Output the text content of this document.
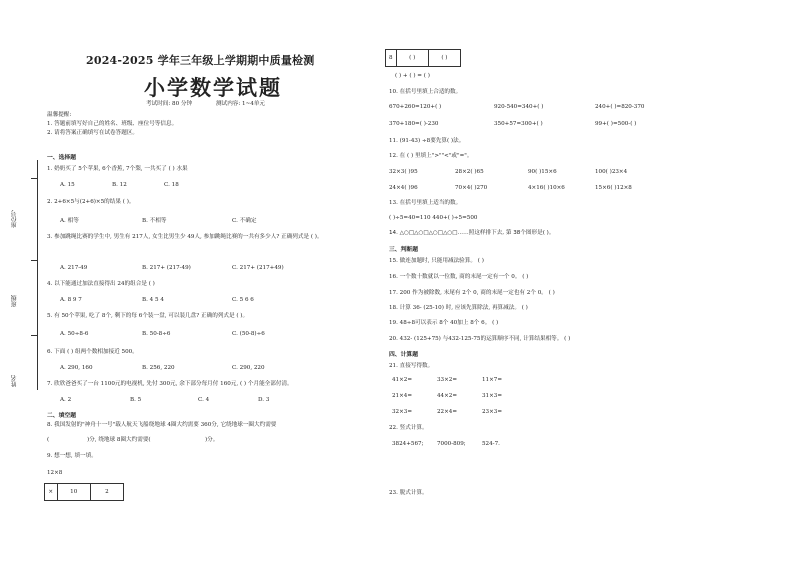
座位号
班级
姓名
2024-2025 学年三年级上学期期中质量检测
小学数学试题
考试时间: 80 分钟	测试内容: 1~4单元
温馨提醒:
1. 答题前填写好自己的姓名、班级、座位号等信息。
2. 请将答案正确填写在试卷答题区。
一、选择题
1. 奶奶买了 5个苹果, 6个香蕉, 7个梨, 一共买了 ( ) 水果
A. 15	B. 12	C. 18
2. 2+6×5与(2+6)×5的结果 ( )。
A. 相等	B. 不相等	C. 不确定
3. 参加跳绳比赛的学生中, 男生有 217人, 女生比男生少 49人, 参加跳绳比赛的一共有多少人? 正确列式是 ( )。
A. 217-49	B. 217+ (217-49)	C. 217+ (217+49)
4. 以下能通过加法直接得出 24的组合是 ( )
A. 8 9 7	B. 4 5 4	C. 5 6 6
5. 有 50个苹果, 吃了 8个, 剩下的每 6个装一盘, 可以装几盘? 正确的列式是 ( )。
A. 50÷8-6	B. 50-8÷6	C. (50-8)÷6
6. 下面 ( ) 组两个数相加接近 500。
A. 290, 160	B. 256, 220	C. 290, 220
7. 欣欣爸爸买了一台 1100元的电视机, 先付 300元, 余下部分每月付 160元, ( ) 个月能全部付清。
A. 2	B. 5	C. 4	D. 3
二、填空题
8. 我国发射的"神舟十一号"载人航天飞船绕地球 4圈大约需要 360分, 它绕地球一圈大约需要
(	)分, 绕地球 8圈大约需要(	)分。
9. 想一想, 填一填。
12×8
×	10	2
8	( )	( )
( ) + ( ) = ( )
10. 在括号里填上合适的数。
670+260=120+( )	920-540=340+( )	240+( )=820-370
370+180=( )-230	350+57=300+( )	99+( )=500-( )
11. (91-43) ÷8要先算( )法。
12. 在 ( ) 里填上">""<"或"="。
32×3( )95	28×2( )65	90( )15×6	100( )23×4
24×4( )96	70×4( )270	4×16( )10×6	15×6( )12×8
13. 在括号里填上适当的数。
( )÷5=40=110 440+( )÷5=500
14. △○□△○□△○□△○□……照这样排下去, 第 38个图形是( )。
三、判断题
15. 做连加题时, 只能用减法验算。 ( )
16. 一个数十数就以一位数, 商的末尾一定有一个 0。 ( )
17. 200 作为被除数, 末尾有 2个 0, 商的末尾一定也有 2个 0。 ( )
18. 计算 36- (25-10) 时, 应该先算除法, 再算减法。 ( )
19. 48÷8可以表示 8个 40加上 8个 6。 ( )
20. 432- (125+75) 与432-125-75的运算顺序不同, 计算结果相等。 ( )
四、计算题
21. 直接写得数。
41×2=	33×2=	11×7=
21×4=	44×2=	31×3=
32×3=	22×4=	23×3=
22. 竖式计算。
3824+567; 7000-809;	524-7.
23. 脱式计算。
